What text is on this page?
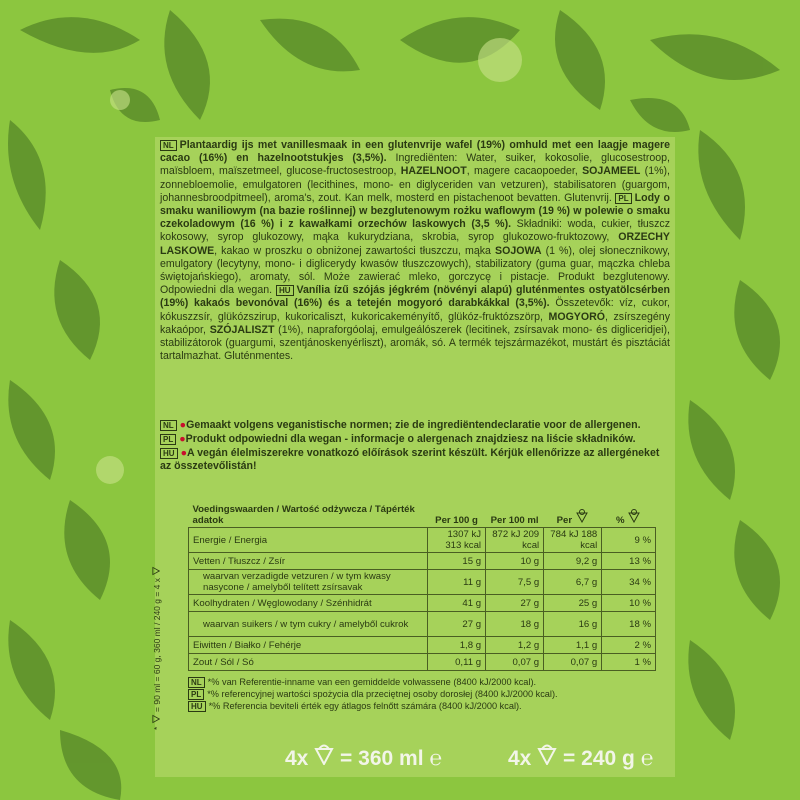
NL Plantaardig ijs met vanillesmaak in een glutenvrije wafel (19%) omhuld met een laagje magere cacao (16%) en hazelnootstukjes (3,5%). Ingrediënten: Water, suiker, kokosolie, glucosestroop, maïsbloem, maïszetmeel, glucose-fructosestroop, HAZELNOOT, magere cacaopoeder, SOJAMEEL (1%), zonnebloemolie, emulgatoren (lecithines, mono- en diglyceriden van vetzuren), stabilisatoren (guargom, johannesbroodpitmeel), aroma's, zout. Kan melk, mosterd en pistachenoot bevatten. Glutenvrij. PL Lody o smaku waniliowym (na bazie roślinnej) w bezglutenowym rożku waflowym (19 %) w polewie o smaku czekoladowym (16 %) i z kawałkami orzechów laskowych (3,5 %). Składniki: woda, cukier, tłuszcz kokosowy, syrop glukozowy, mąka kukurydziana, skrobia, syrop glukozowo-fruktozowy, ORZECHY LASKOWE, kakao w proszku o obniżonej zawartości tłuszczu, mąka SOJOWA (1 %), olej słonecznikowy, emulgatory (lecytyny, mono- i diglicerydy kwasów tłuszczowych), stabilizatory (guma guar, mączka chleba świętojańskiego), aromaty, sól. Może zawierać mleko, gorczycę i pistacje. Produkt bezglutenowy. Odpowiedni dla wegan. HU Vanília ízű szójás jégkrém (növényi alapú) gluténmentes ostyatölcsérben (19%) kakaós bevonóval (16%) és a tetején mogyoró darabkákkal (3,5%). Összetevők: víz, cukor, kókuszzsír, glükózszirup, kukoricaliszt, kukoricakeményítő, glükóz-fruktózszörp, MOGYORÓ, zsírszegény kakaópor, SZÓJALISZT (1%), napraforgóolaj, emulgeálószerek (lecitinek, zsírsavak mono- és digliceridjei), stabilizátorok (guargumi, szentjánoskenyérliszt), aromák, só. A termék tejszármazékot, mustárt és pisztáciát tartalmazhat. Gluténmentes.
NL ●Gemaakt volgens veganistische normen; zie de ingrediëntendeclaratie voor de allergenen.
PL ●Produkt odpowiedni dla wegan - informacje o alergenach znajdziesz na liście składników.
HU ●A vegán élelmiszerekre vonatkozó előírások szerint készült. Kérjük ellenőrizze az allergéneket az összetevőlistán!
Voedingswaarden / Wartość odżywcza / Tápérték adatok	Per 100 g	Per 100 ml	Per	%
Energie / Energia	1307 kJ 313 kcal	872 kJ 209 kcal	784 kJ 188 kcal	9 %
Vetten / Tłuszcz / Zsír	15 g	10 g	9,2 g	13 %
waarvan verzadigde vetzuren / w tym kwasy nasycone / amelyből telített zsírsavak	11 g	7,5 g	6,7 g	34 %
Koolhydraten / Węglowodany / Szénhidrát	41 g	27 g	25 g	10 %
waarvan suikers / w tym cukry / amelyből cukrok	27 g	18 g	16 g	18 %
Eiwitten / Białko / Fehérje	1,8 g	1,2 g	1,1 g	2 %
Zout / Sól / Só	0,11 g	0,07 g	0,07 g	1 %
NL *% van Referentie-inname van een gemiddelde volwassene (8400 kJ/2000 kcal).
PL *% referencyjnej wartości spożycia dla przeciętnej osoby dorosłej (8400 kJ/2000 kcal).
HU *% Referencia beviteli érték egy átlagos felnőtt számára (8400 kJ/2000 kcal).
*  = 90 ml = 60 g, 360 ml / 240 g = 4 x
4x = 360 ml ℮	4x = 240 g ℮
